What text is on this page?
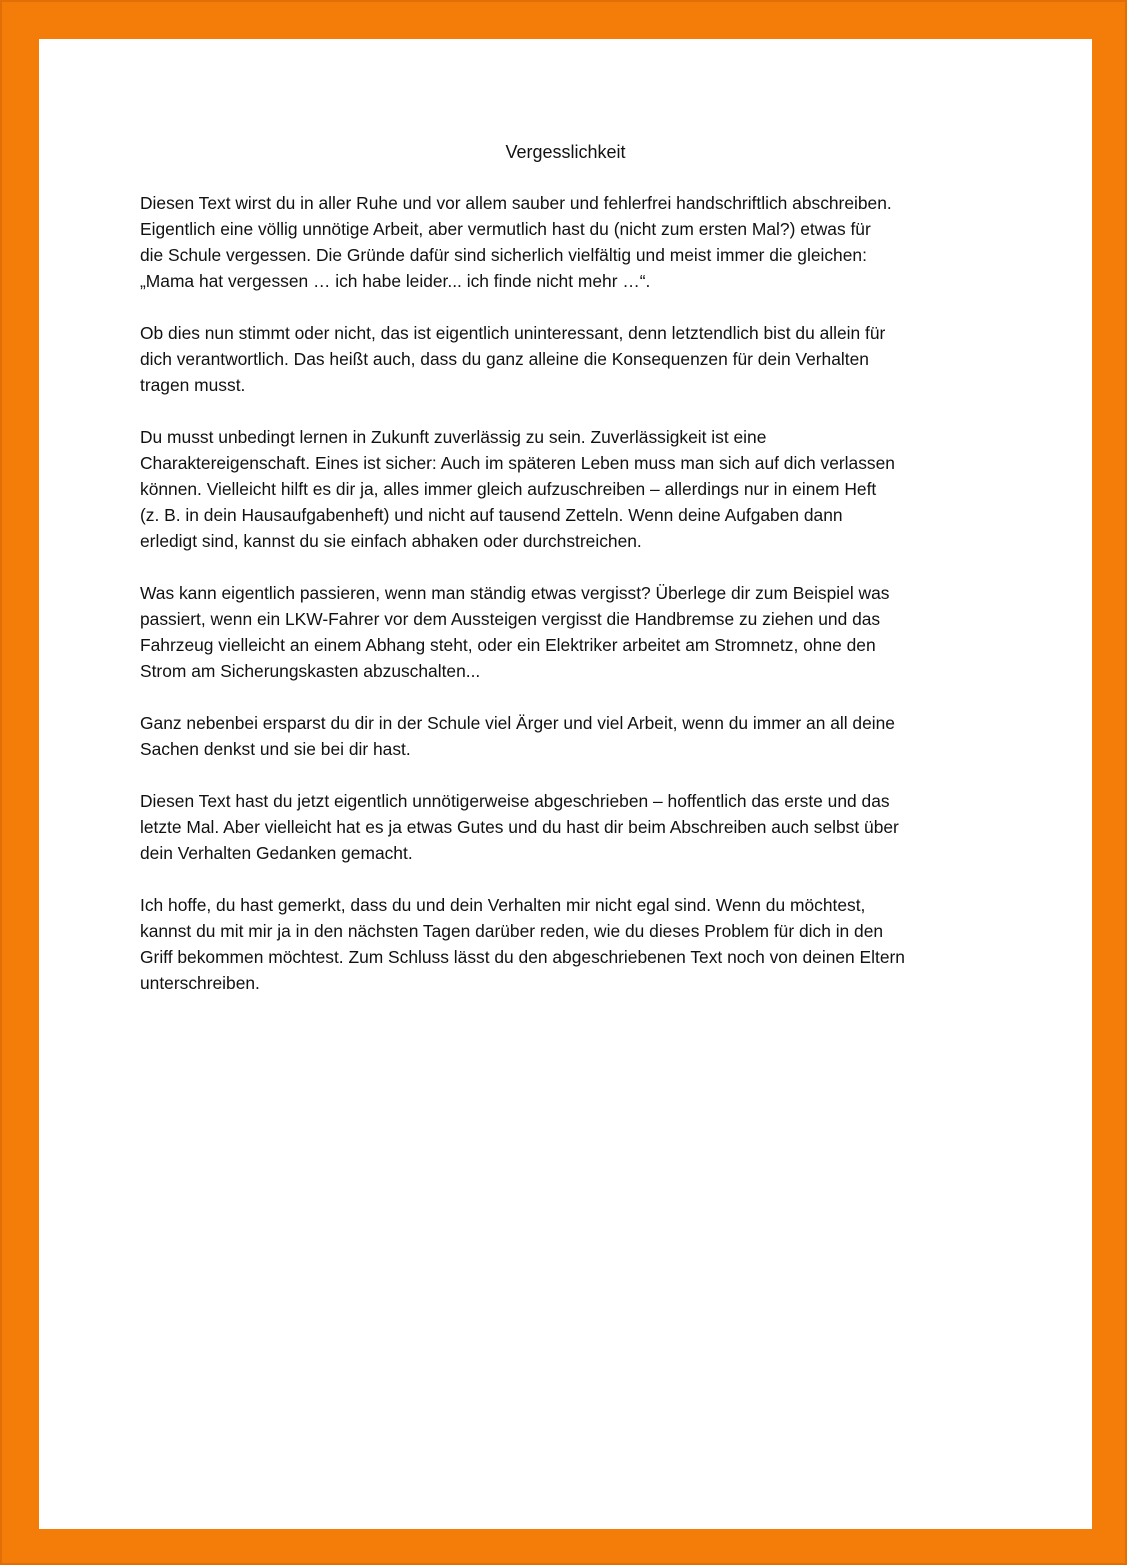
Vergesslichkeit

Diesen Text wirst du in aller Ruhe und vor allem sauber und fehlerfrei handschriftlich abschreiben.
Eigentlich eine völlig unnötige Arbeit, aber vermutlich hast du (nicht zum ersten Mal?) etwas für
die Schule vergessen. Die Gründe dafür sind sicherlich vielfältig und meist immer die gleichen:
„Mama hat vergessen … ich habe leider... ich finde nicht mehr …“.

Ob dies nun stimmt oder nicht, das ist eigentlich uninteressant, denn letztendlich bist du allein für
dich verantwortlich. Das heißt auch, dass du ganz alleine die Konsequenzen für dein Verhalten
tragen musst.

Du musst unbedingt lernen in Zukunft zuverlässig zu sein. Zuverlässigkeit ist eine
Charaktereigenschaft. Eines ist sicher: Auch im späteren Leben muss man sich auf dich verlassen
können. Vielleicht hilft es dir ja, alles immer gleich aufzuschreiben – allerdings nur in einem Heft
(z. B. in dein Hausaufgabenheft) und nicht auf tausend Zetteln. Wenn deine Aufgaben dann
erledigt sind, kannst du sie einfach abhaken oder durchstreichen.

Was kann eigentlich passieren, wenn man ständig etwas vergisst? Überlege dir zum Beispiel was
passiert, wenn ein LKW-Fahrer vor dem Aussteigen vergisst die Handbremse zu ziehen und das
Fahrzeug vielleicht an einem Abhang steht, oder ein Elektriker arbeitet am Stromnetz, ohne den
Strom am Sicherungskasten abzuschalten...

Ganz nebenbei ersparst du dir in der Schule viel Ärger und viel Arbeit, wenn du immer an all deine
Sachen denkst und sie bei dir hast.

Diesen Text hast du jetzt eigentlich unnötigerweise abgeschrieben – hoffentlich das erste und das
letzte Mal. Aber vielleicht hat es ja etwas Gutes und du hast dir beim Abschreiben auch selbst über
dein Verhalten Gedanken gemacht.

Ich hoffe, du hast gemerkt, dass du und dein Verhalten mir nicht egal sind. Wenn du möchtest,
kannst du mit mir ja in den nächsten Tagen darüber reden, wie du dieses Problem für dich in den
Griff bekommen möchtest. Zum Schluss lässt du den abgeschriebenen Text noch von deinen Eltern
unterschreiben.
